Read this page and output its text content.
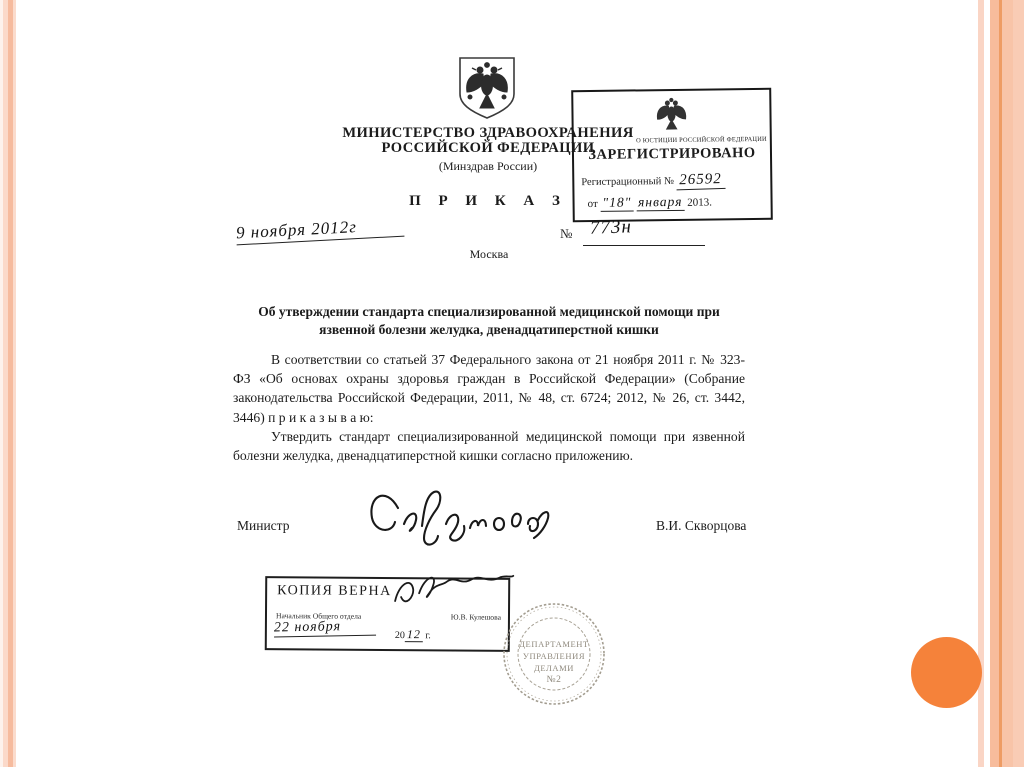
МИНИСТЕРСТВО ЗДРАВООХРАНЕНИЯ
РОССИЙСКОЙ ФЕДЕРАЦИИ
(Минздрав России)
П Р И К А З
9 ноября 2012г	№ 773н
Москва
О ЮСТИЦИИ РОССИЙСКОЙ ФЕДЕРАЦИИ
ЗАРЕГИСТРИРОВАНО
Регистрационный № 26592
от "18" января 2013.
Об утверждении стандарта специализированной медицинской помощи при
язвенной болезни желудка, двенадцатиперстной кишки

В соответствии со статьей 37 Федерального закона от 21 ноября 2011 г. № 323-ФЗ «Об основах охраны здоровья граждан в Российской Федерации» (Собрание законодательства Российской Федерации, 2011, № 48, ст. 6724; 2012, № 26, ст. 3442, 3446) п р и к а з ы в а ю:

Утвердить стандарт специализированной медицинской помощи при язвенной болезни желудка, двенадцатиперстной кишки согласно приложению.

Министр	В.И. Скворцова
КОПИЯ ВЕРНА
Начальник Общего отдела	Ю.В. Кулешова
22 ноября
20 12 г.
ДЕПАРТАМЕНТ
УПРАВЛЕНИЯ
ДЕЛАМИ
№2
